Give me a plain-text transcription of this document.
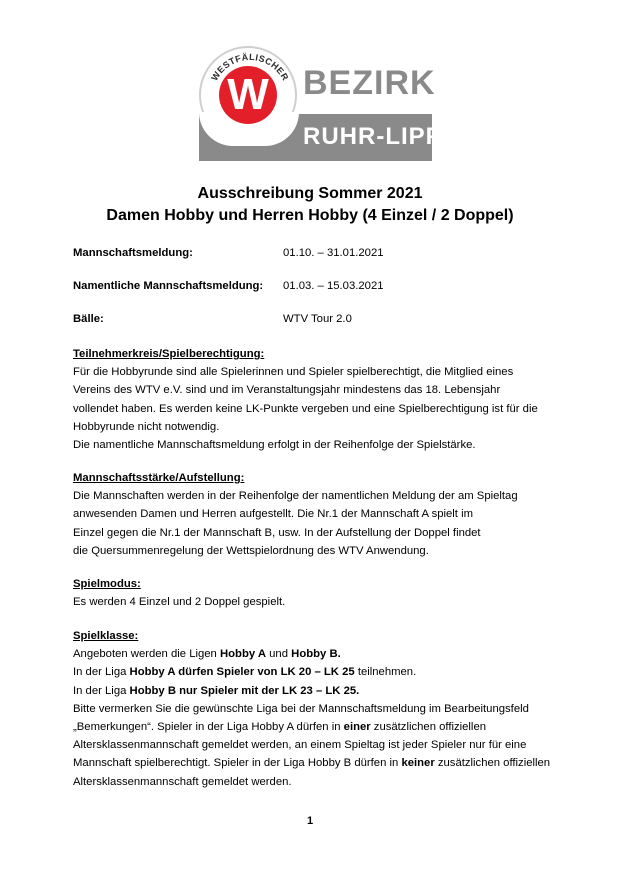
WESTFÄLISCHER
W BEZIRK
RUHR-LIPPE
Ausschreibung Sommer 2021
Damen Hobby und Herren Hobby (4 Einzel / 2 Doppel)
Mannschaftsmeldung:	01.10. – 31.01.2021
Namentliche Mannschaftsmeldung: 01.03. – 15.03.2021
Bälle:	WTV Tour 2.0
Teilnehmerkreis/Spielberechtigung:
Für die Hobbyrunde sind alle Spielerinnen und Spieler spielberechtigt, die Mitglied eines
Vereins des WTV e.V. sind und im Veranstaltungsjahr mindestens das 18. Lebensjahr
vollendet haben. Es werden keine LK-Punkte vergeben und eine Spielberechtigung ist für die
Hobbyrunde nicht notwendig.
Die namentliche Mannschaftsmeldung erfolgt in der Reihenfolge der Spielstärke.
Mannschaftsstärke/Aufstellung:
Die Mannschaften werden in der Reihenfolge der namentlichen Meldung der am Spieltag
anwesenden Damen und Herren aufgestellt. Die Nr.1 der Mannschaft A spielt im
Einzel gegen die Nr.1 der Mannschaft B, usw. In der Aufstellung der Doppel findet
die Quersummenregelung der Wettspielordnung des WTV Anwendung.
Spielmodus:
Es werden 4 Einzel und 2 Doppel gespielt.
Spielklasse:
Angeboten werden die Ligen Hobby A und Hobby B.
In der Liga Hobby A dürfen Spieler von LK 20 – LK 25 teilnehmen.
In der Liga Hobby B nur Spieler mit der LK 23 – LK 25.
Bitte vermerken Sie die gewünschte Liga bei der Mannschaftsmeldung im Bearbeitungsfeld
„Bemerkungen“. Spieler in der Liga Hobby A dürfen in einer zusätzlichen offiziellen
Altersklassenmannschaft gemeldet werden, an einem Spieltag ist jeder Spieler nur für eine
Mannschaft spielberechtigt. Spieler in der Liga Hobby B dürfen in keiner zusätzlichen offiziellen
Altersklassenmannschaft gemeldet werden.
1
